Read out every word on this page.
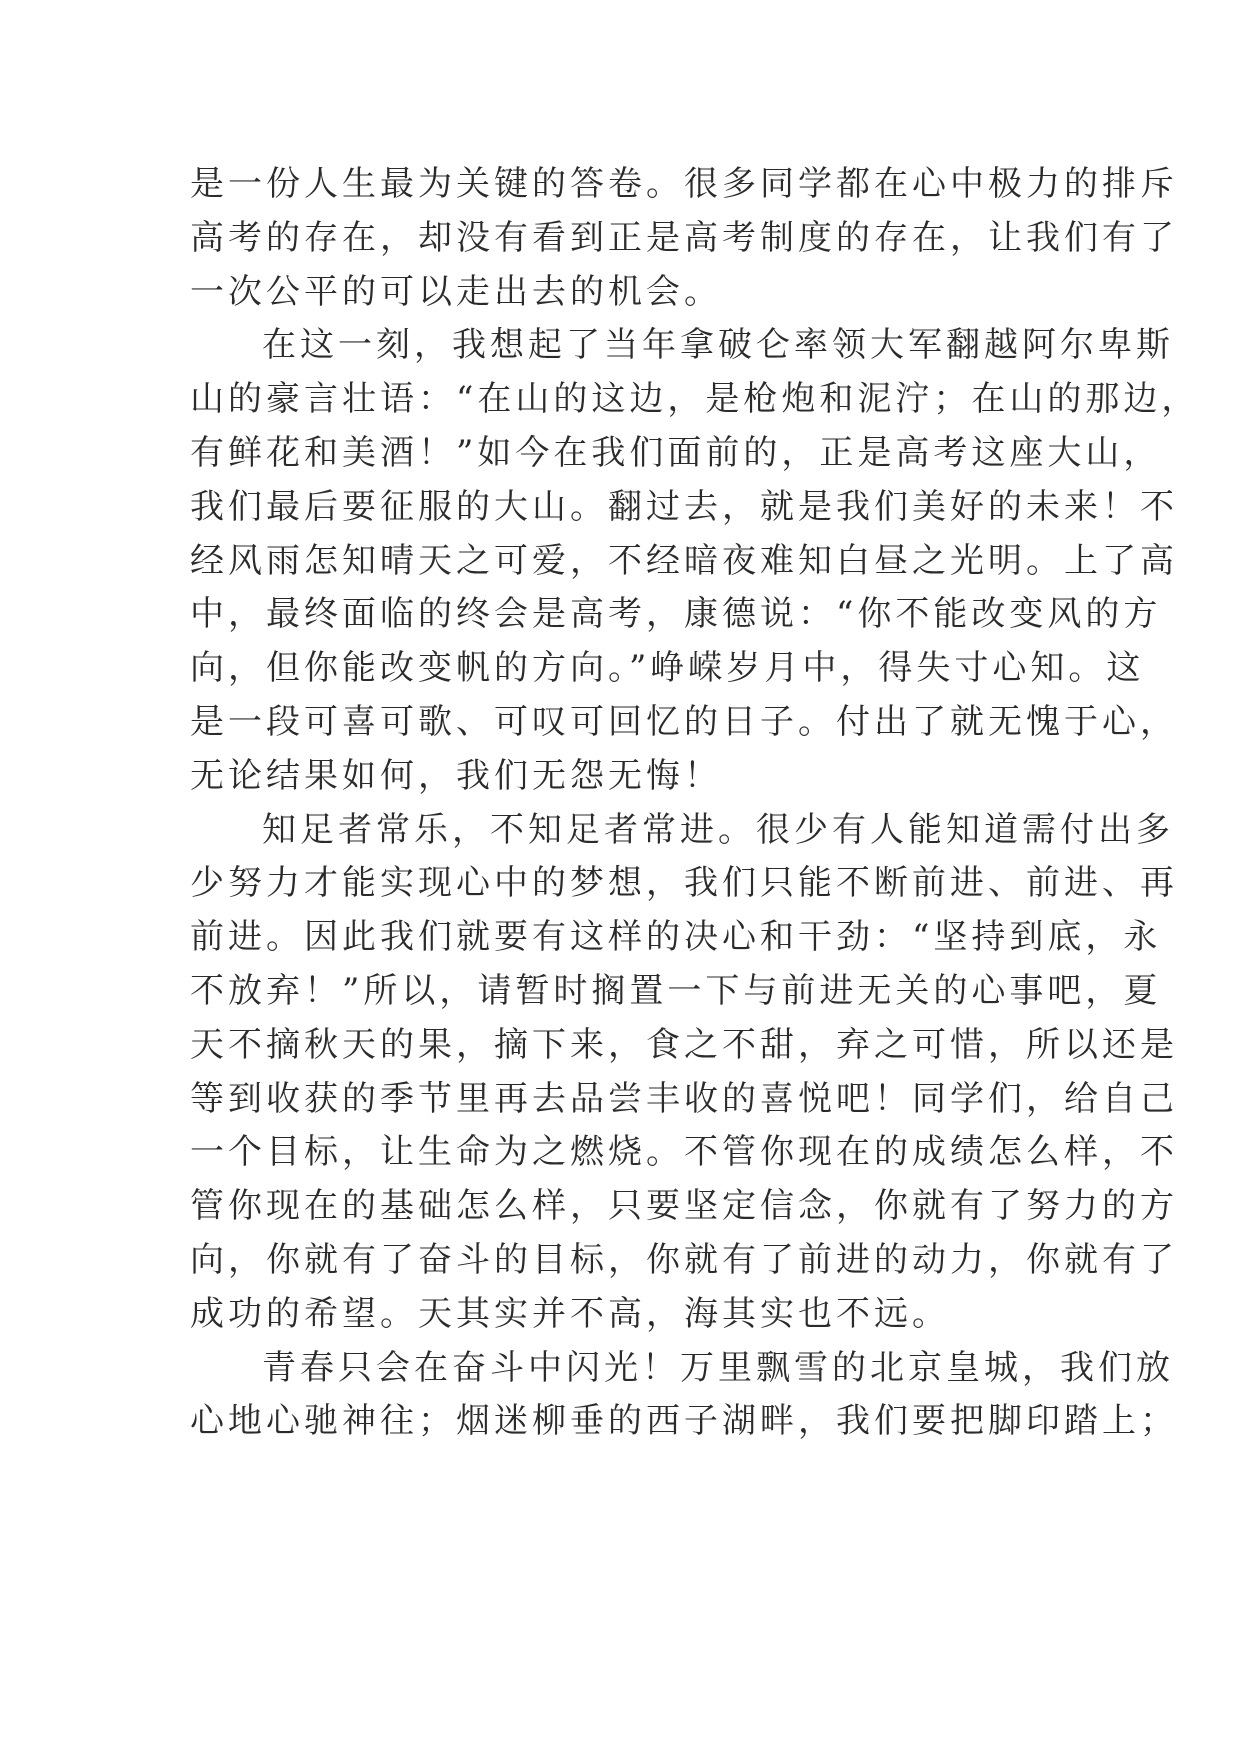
是一份人生最为关键的答卷。很多同学都在心中极力的排斥
高考的存在，却没有看到正是高考制度的存在，让我们有了
一次公平的可以走出去的机会。
在这一刻，我想起了当年拿破仑率领大军翻越阿尔卑斯
山的豪言壮语：“在山的这边，是枪炮和泥泞；在山的那边，
有鲜花和美酒！”如今在我们面前的，正是高考这座大山，
我们最后要征服的大山。翻过去，就是我们美好的未来！不
经风雨怎知晴天之可爱，不经暗夜难知白昼之光明。上了高
中，最终面临的终会是高考，康德说：“你不能改变风的方
向，但你能改变帆的方向。”峥嵘岁月中，得失寸心知。这
是一段可喜可歌、可叹可回忆的日子。付出了就无愧于心，
无论结果如何，我们无怨无悔！
知足者常乐，不知足者常进。很少有人能知道需付出多
少努力才能实现心中的梦想，我们只能不断前进、前进、再
前进。因此我们就要有这样的决心和干劲：“坚持到底，永
不放弃！”所以，请暂时搁置一下与前进无关的心事吧，夏
天不摘秋天的果，摘下来，食之不甜，弃之可惜，所以还是
等到收获的季节里再去品尝丰收的喜悦吧！同学们，给自己
一个目标，让生命为之燃烧。不管你现在的成绩怎么样，不
管你现在的基础怎么样，只要坚定信念，你就有了努力的方
向，你就有了奋斗的目标，你就有了前进的动力，你就有了
成功的希望。天其实并不高，海其实也不远。
青春只会在奋斗中闪光！万里飘雪的北京皇城，我们放
心地心驰神往；烟迷柳垂的西子湖畔，我们要把脚印踏上；
